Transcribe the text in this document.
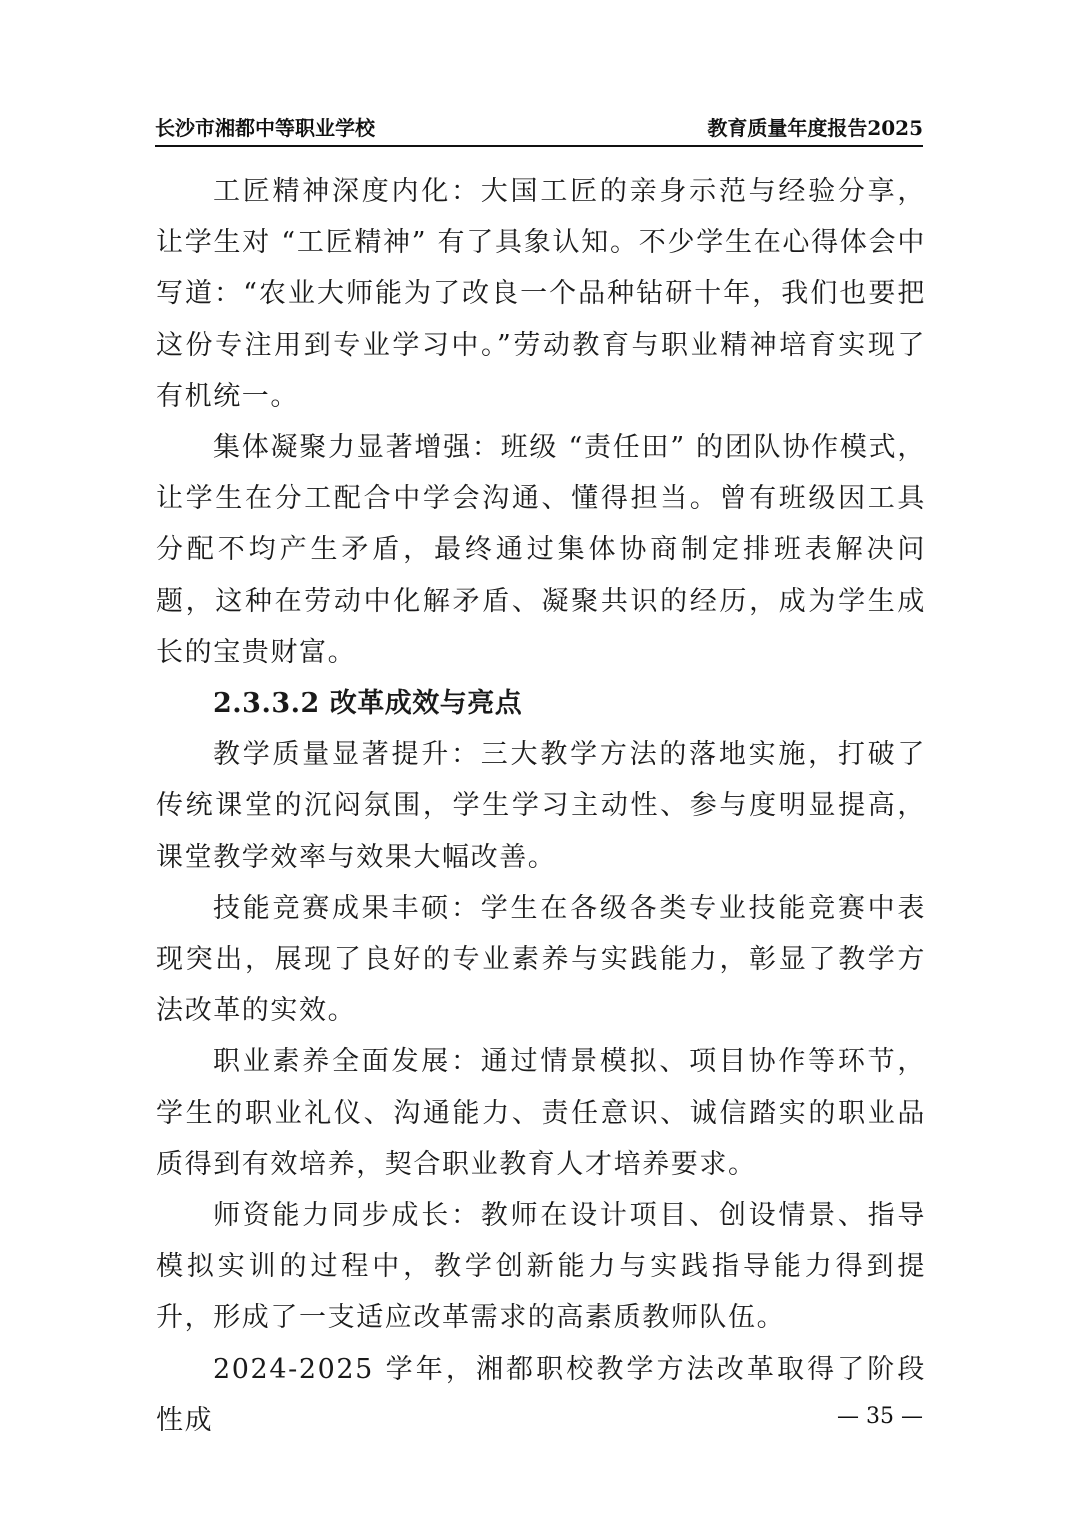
长沙市湘都中等职业学校	教育质量年度报告2025

工匠精神深度内化：大国工匠的亲身示范与经验分享，让学生对 “工匠精神” 有了具象认知。不少学生在心得体会中写道：“农业大师能为了改良一个品种钻研十年，我们也要把这份专注用到专业学习中。”劳动教育与职业精神培育实现了有机统一。

集体凝聚力显著增强：班级 “责任田” 的团队协作模式，让学生在分工配合中学会沟通、懂得担当。曾有班级因工具分配不均产生矛盾，最终通过集体协商制定排班表解决问题，这种在劳动中化解矛盾、凝聚共识的经历，成为学生成长的宝贵财富。

2.3.3.2 改革成效与亮点

教学质量显著提升：三大教学方法的落地实施，打破了传统课堂的沉闷氛围，学生学习主动性、参与度明显提高，课堂教学效率与效果大幅改善。

技能竞赛成果丰硕：学生在各级各类专业技能竞赛中表现突出，展现了良好的专业素养与实践能力，彰显了教学方法改革的实效。

职业素养全面发展：通过情景模拟、项目协作等环节，学生的职业礼仪、沟通能力、责任意识、诚信踏实的职业品质得到有效培养，契合职业教育人才培养要求。

师资能力同步成长：教师在设计项目、创设情景、指导模拟实训的过程中，教学创新能力与实践指导能力得到提升，形成了一支适应改革需求的高素质教师队伍。

2024-2025 学年，湘都职校教学方法改革取得了阶段性成	— 35 —
